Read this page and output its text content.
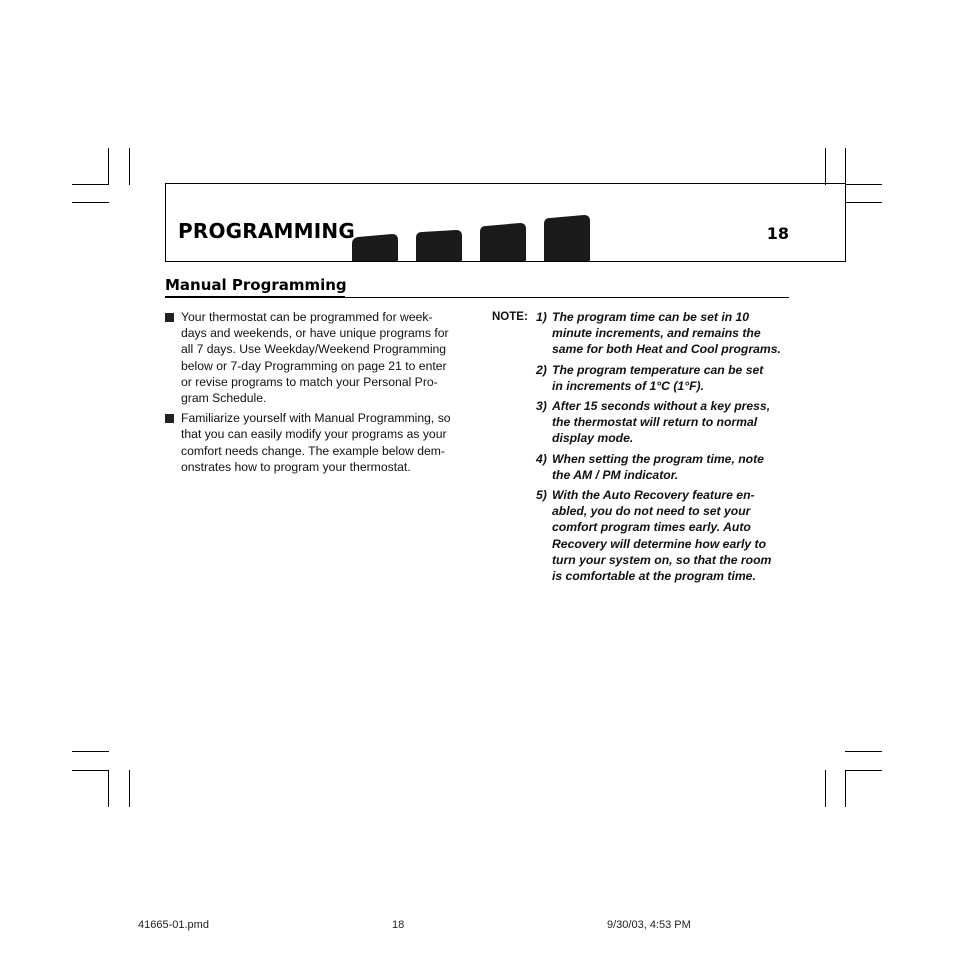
PROGRAMMING	18
Manual Programming
Your thermostat can be programmed for week-
days and weekends, or have unique programs for
all 7 days. Use Weekday/Weekend Programming
below or 7-day Programming on page 21 to enter
or revise programs to match your Personal Pro-
gram Schedule.
Familiarize yourself with Manual Programming, so
that you can easily modify your programs as your
comfort needs change. The example below dem-
onstrates how to program your thermostat.
NOTE: 1) The program time can be set in 10
minute increments, and remains the
same for both Heat and Cool programs.
2) The program temperature can be set
in increments of 1°C (1°F).
3) After 15 seconds without a key press,
the thermostat will return to normal
display mode.
4) When setting the program time, note
the AM / PM indicator.
5) With the Auto Recovery feature en-
abled, you do not need to set your
comfort program times early. Auto
Recovery will determine how early to
turn your system on, so that the room
is comfortable at the program time.
41665-01.pmd	18	9/30/03, 4:53 PM
